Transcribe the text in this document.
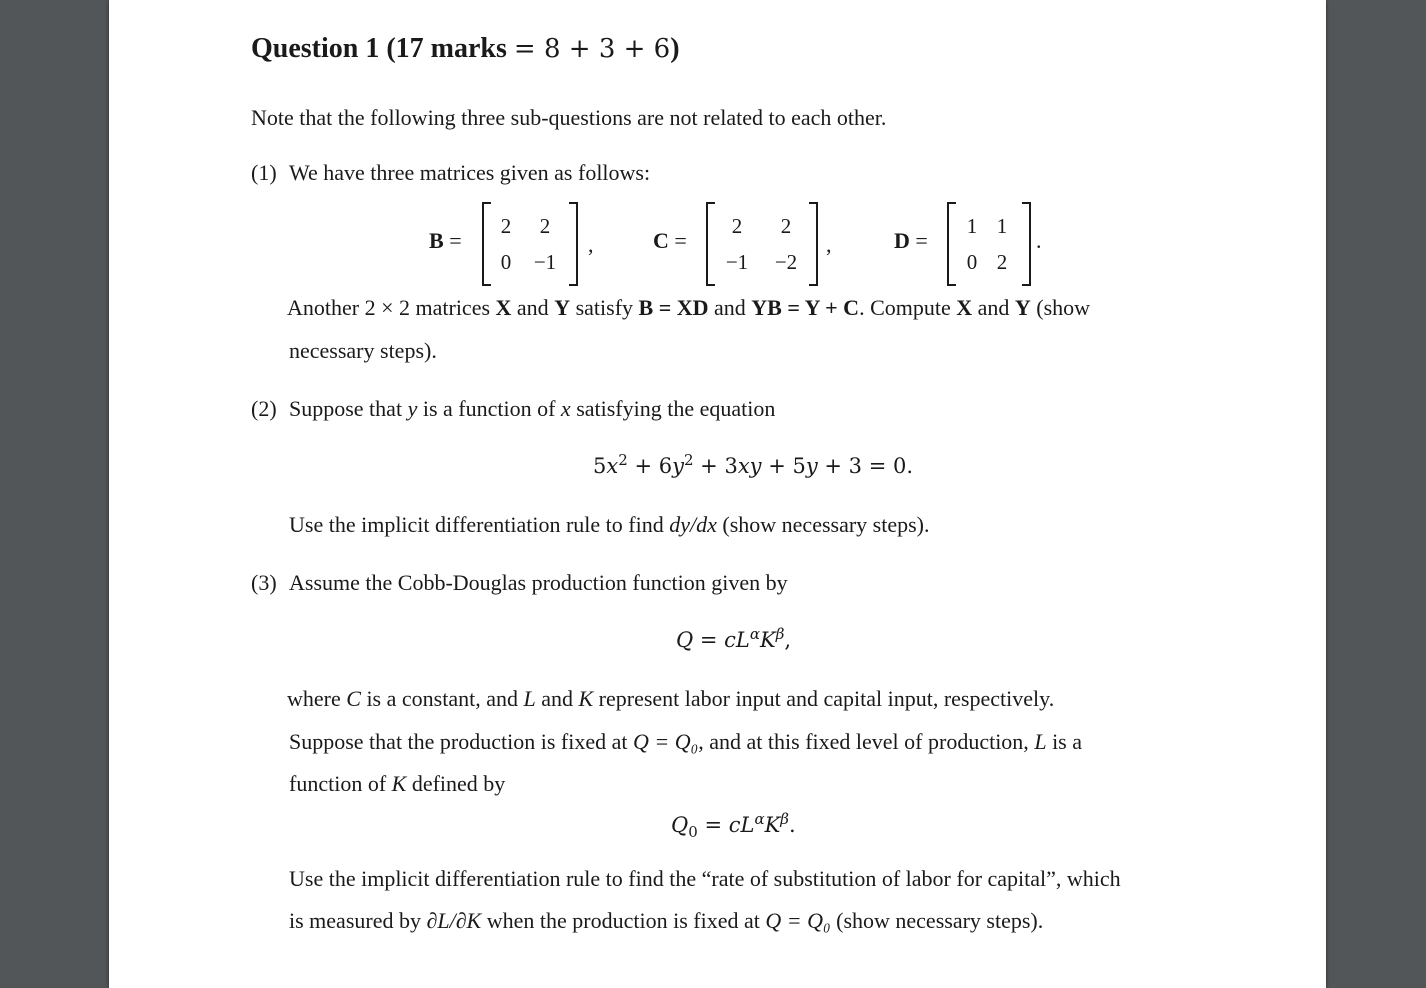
Question 1 (17 marks = 8 + 3 + 6)
Note that the following three sub-questions are not related to each other.
(1) We have three matrices given as follows:
B =
2	2
0	−1
,	C =
2	2
−1 −2
,	D =
1 1
0 2
.
Another 2 × 2 matrices X and Y satisfy B = XD and YB = Y + C. Compute X and Y (show
necessary steps).
(2) Suppose that y is a function of x satisfying the equation
$5x^2 + 6y^2 + 3xy + 5y + 3 = 0$.
Use the implicit differentiation rule to find dy/dx (show necessary steps).
(3) Assume the Cobb-Douglas production function given by
$Q = cL^\alpha K^\beta$,
where C is a constant, and L and K represent labor input and capital input, respectively.
Suppose that the production is fixed at Q = Q₀, and at this fixed level of production, L is a
function of K defined by
$Q_0 = cL^\alpha K^\beta$.
Use the implicit differentiation rule to find the “rate of substitution of labor for capital”, which
is measured by ∂L/∂K when the production is fixed at Q = Q₀ (show necessary steps).
